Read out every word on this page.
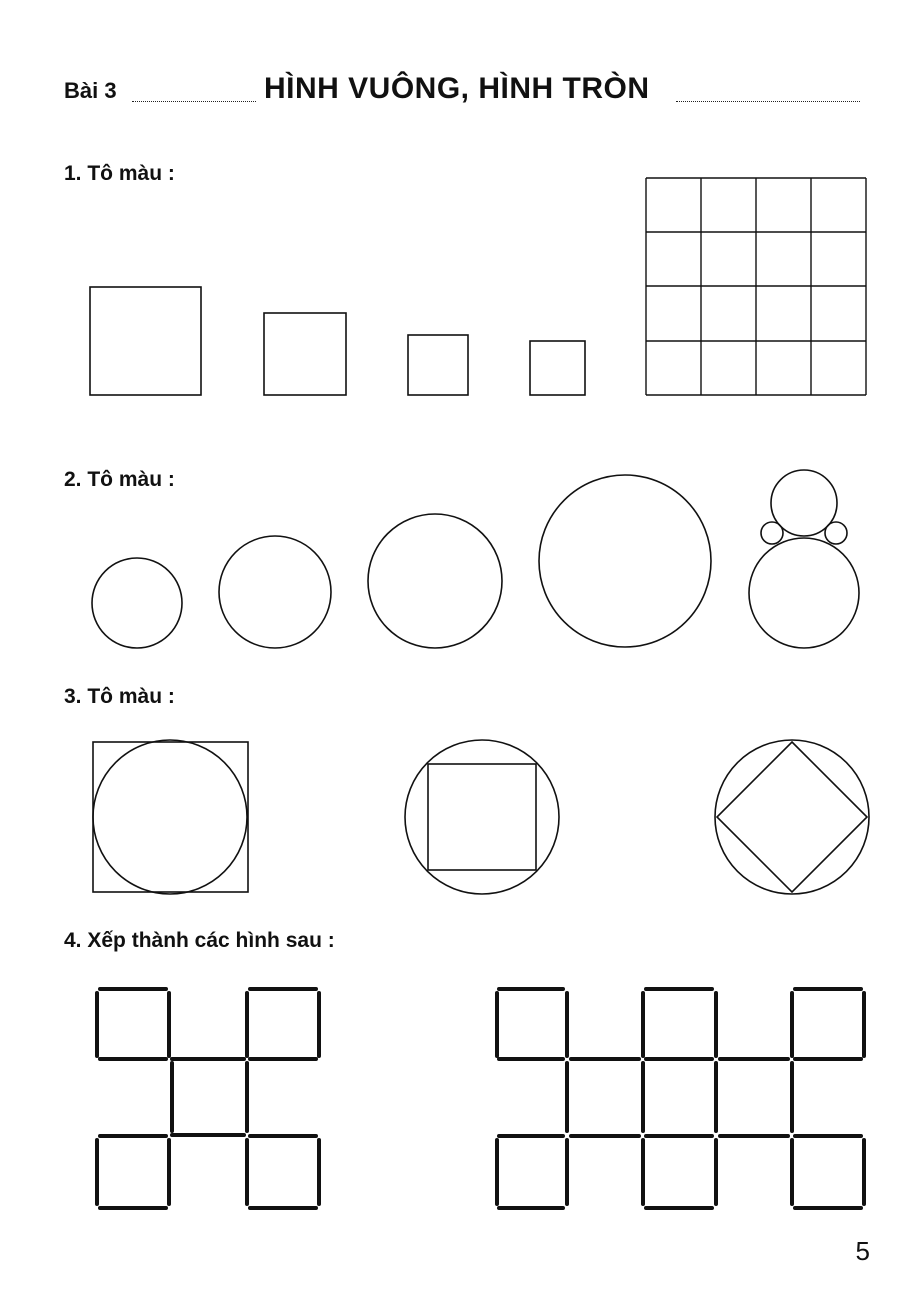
Bài 3	HÌNH VUÔNG, HÌNH TRÒN
1. Tô màu :
2. Tô màu :
3. Tô màu :
4. Xếp thành các hình sau :
5
